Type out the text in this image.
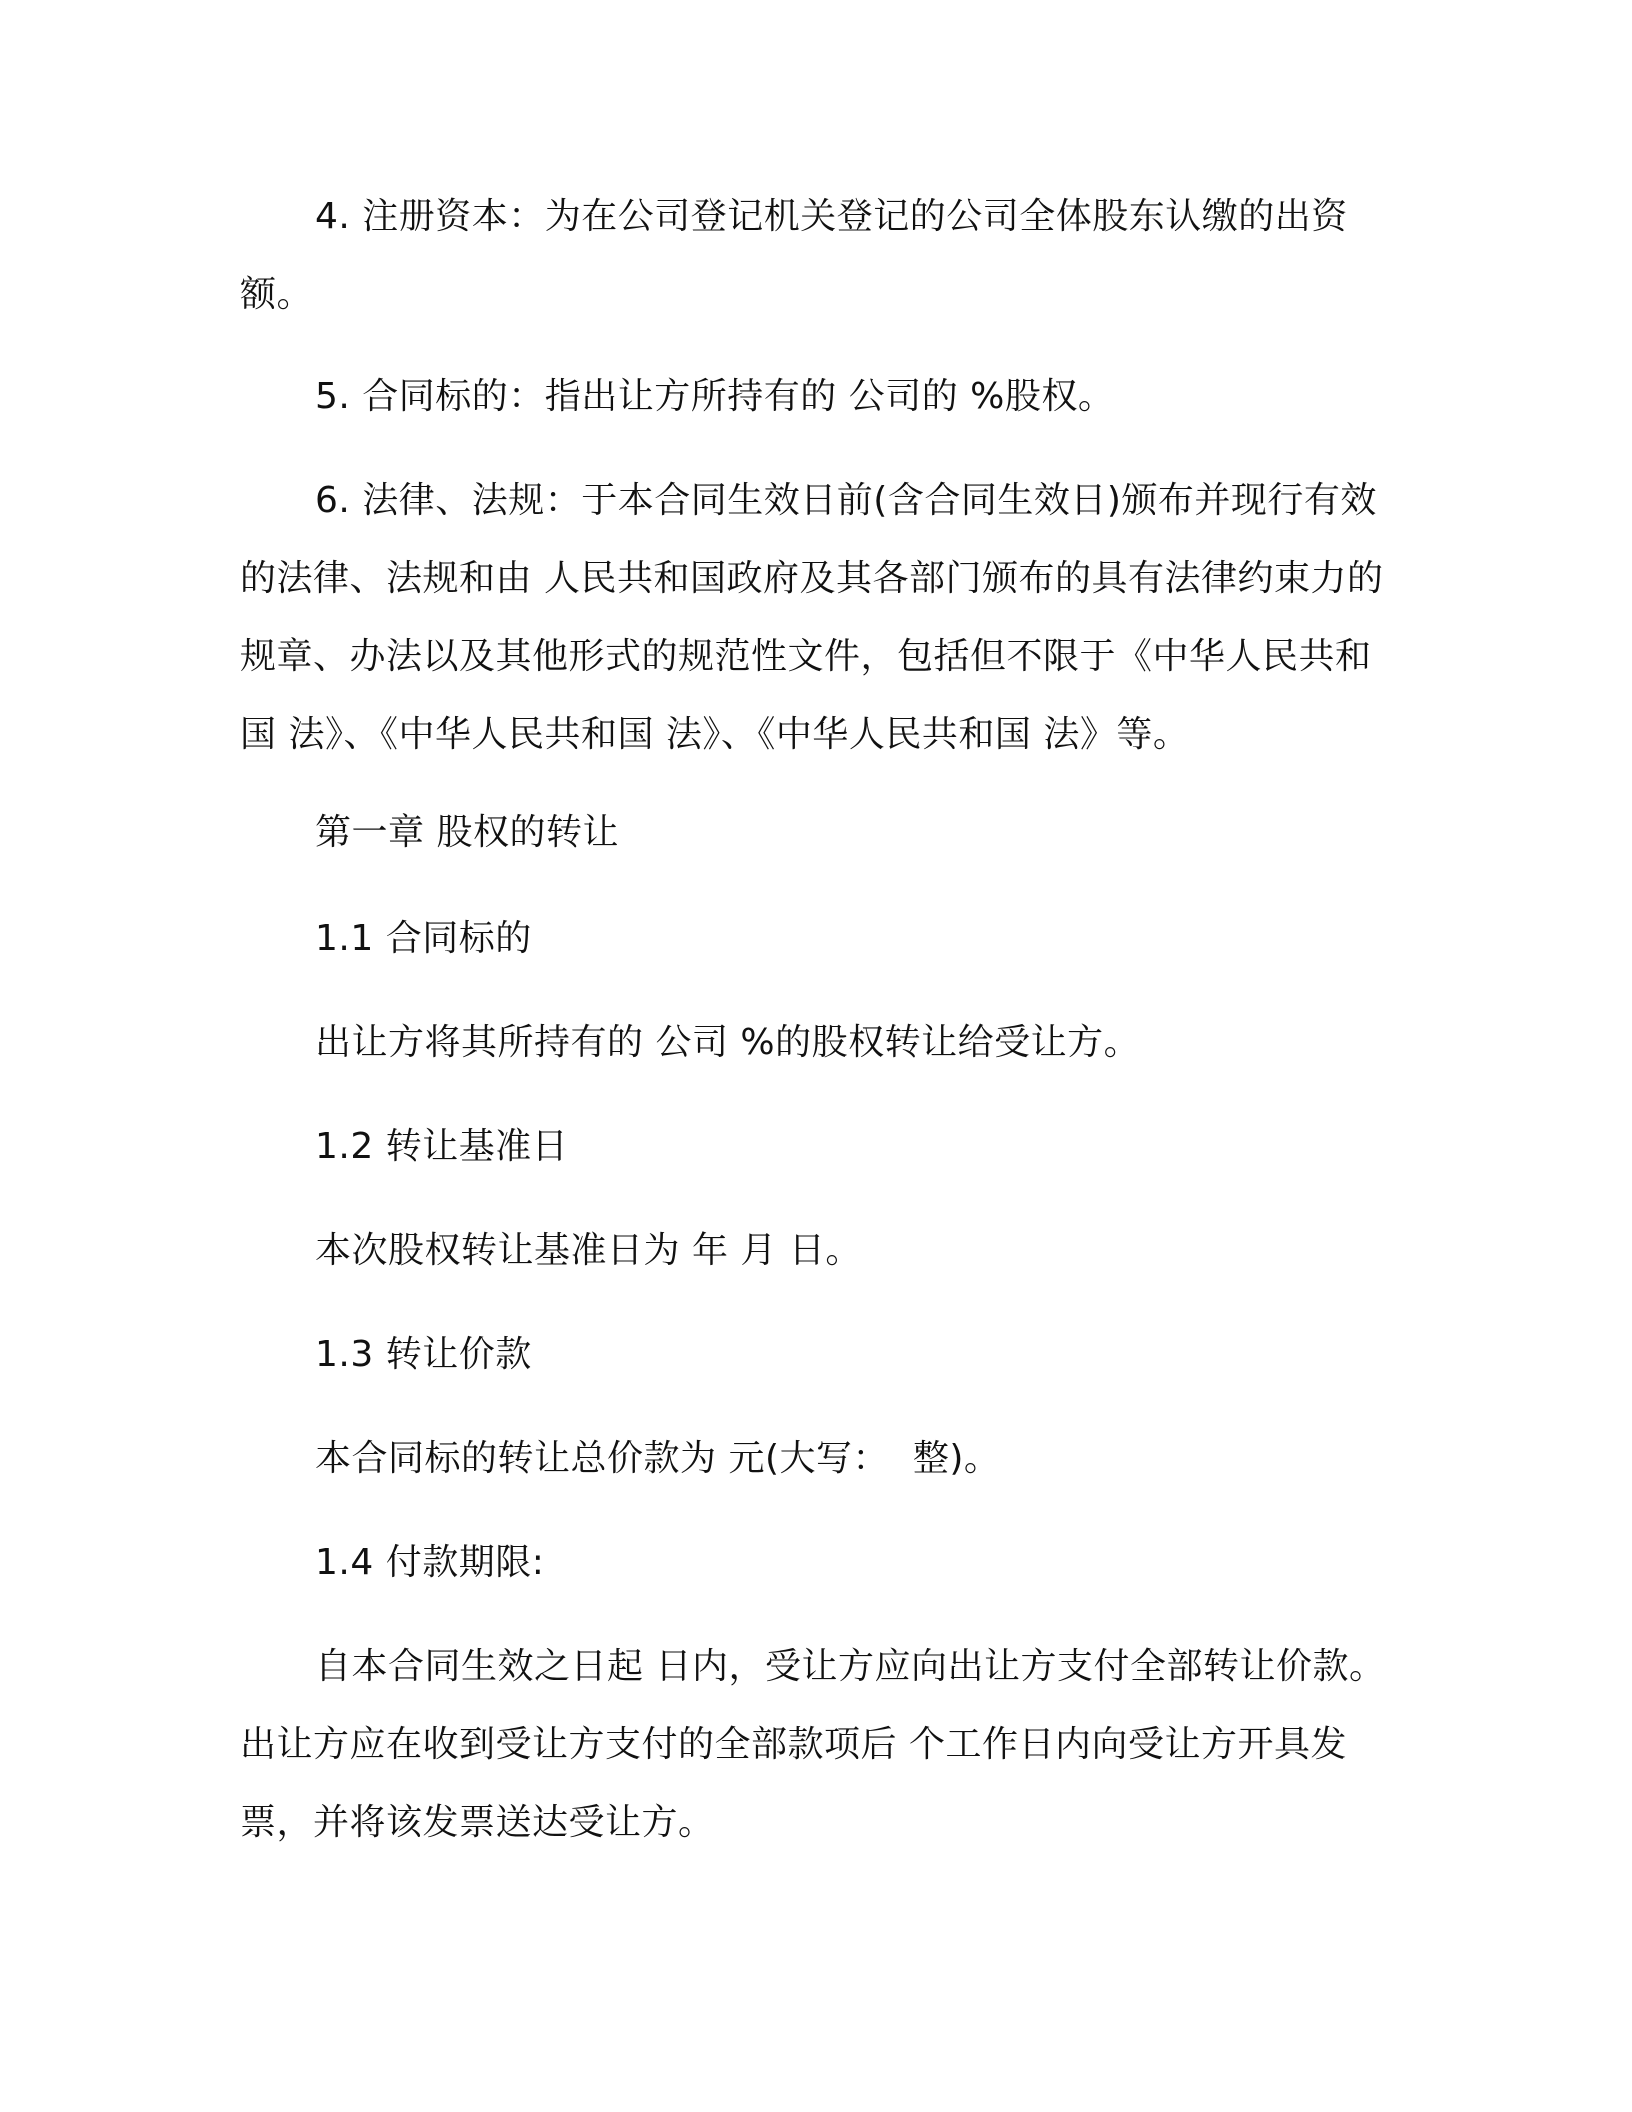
4. 注册资本：为在公司登记机关登记的公司全体股东认缴的出资额。
5. 合同标的：指出让方所持有的 公司的 %股权。
6. 法律、法规：于本合同生效日前(含合同生效日)颁布并现行有效的法律、法规和由 人民共和国政府及其各部门颁布的具有法律约束力的规章、办法以及其他形式的规范性文件，包括但不限于《中华人民共和国 法》、《中华人民共和国 法》、《中华人民共和国 法》等。
第一章 股权的转让
1.1 合同标的
出让方将其所持有的 公司 %的股权转让给受让方。
1.2 转让基准日
本次股权转让基准日为 年 月 日。
1.3 转让价款
本合同标的转让总价款为 元(大写：  整)。
1.4 付款期限:
自本合同生效之日起 日内，受让方应向出让方支付全部转让价款。出让方应在收到受让方支付的全部款项后 个工作日内向受让方开具发票，并将该发票送达受让方。
